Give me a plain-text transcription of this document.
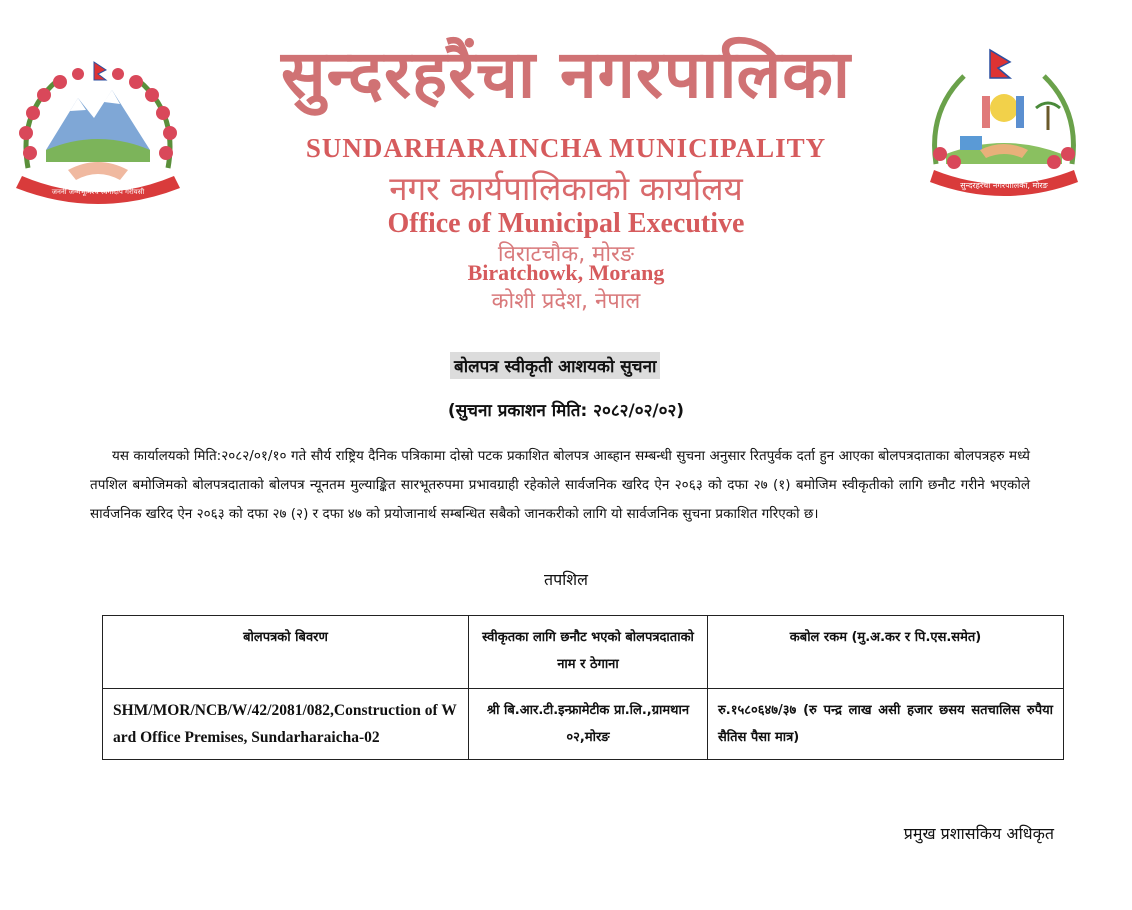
जननी जन्मभूमिश्च स्वर्गादपि गरीयसी
सुन्दरहरैंचा नगरपालिका, मोरङ
सुन्दरहरैंचा नगरपालिका
SUNDARHARAINCHA MUNICIPALITY
नगर कार्यपालिकाको कार्यालय
Office of Municipal Executive
विराटचौक, मोरङ
Biratchowk, Morang
कोशी प्रदेश, नेपाल
बोलपत्र स्वीकृती आशयको सुचना
(सुचना प्रकाशन मिति: २०८२/०२/०२)

यस कार्यालयको मिति:२०८२/०१/१० गते सौर्य राष्ट्रिय दैनिक पत्रिकामा दोस्रो पटक प्रकाशित बोलपत्र आब्हान सम्बन्धी सुचना अनुसार रितपुर्वक दर्ता हुन आएका बोलपत्रदाताका बोलपत्रहरु मध्ये तपशिल बमोजिमको बोलपत्रदाताको बोलपत्र न्यूनतम मुल्याङ्कित सारभूतरुपमा प्रभावग्राही रहेकोले सार्वजनिक खरिद ऐन २०६३ को दफा २७ (१) बमोजिम स्वीकृतीको लागि छनौट गरीने भएकोले सार्वजनिक खरिद ऐन २०६३ को दफा २७ (२) र दफा ४७ को प्रयोजानार्थ सम्बन्धित सबैको जानकरीको लागि यो सार्वजनिक सुचना प्रकाशित गरिएको छ।

तपशिल
बोलपत्रको बिवरण	स्वीकृतका लागि छनौट भएको बोलपत्रदाताको नाम र ठेगाना	कबोल रकम (मु.अ.कर र पि.एस.समेत)
SHM/MOR/NCB/W/42/2081/082,Construction of Ward Office Premises, Sundarharaicha-02	श्री बि.आर.टी.इन्फ्रामेटीक प्रा.लि.,ग्रामथान ०२,मोरङ	रु.१५८०६४७/३७ (रु पन्द्र लाख असी हजार छसय सतचालिस रुपैया सैतिस पैसा मात्र)
प्रमुख प्रशासकिय अधिकृत
